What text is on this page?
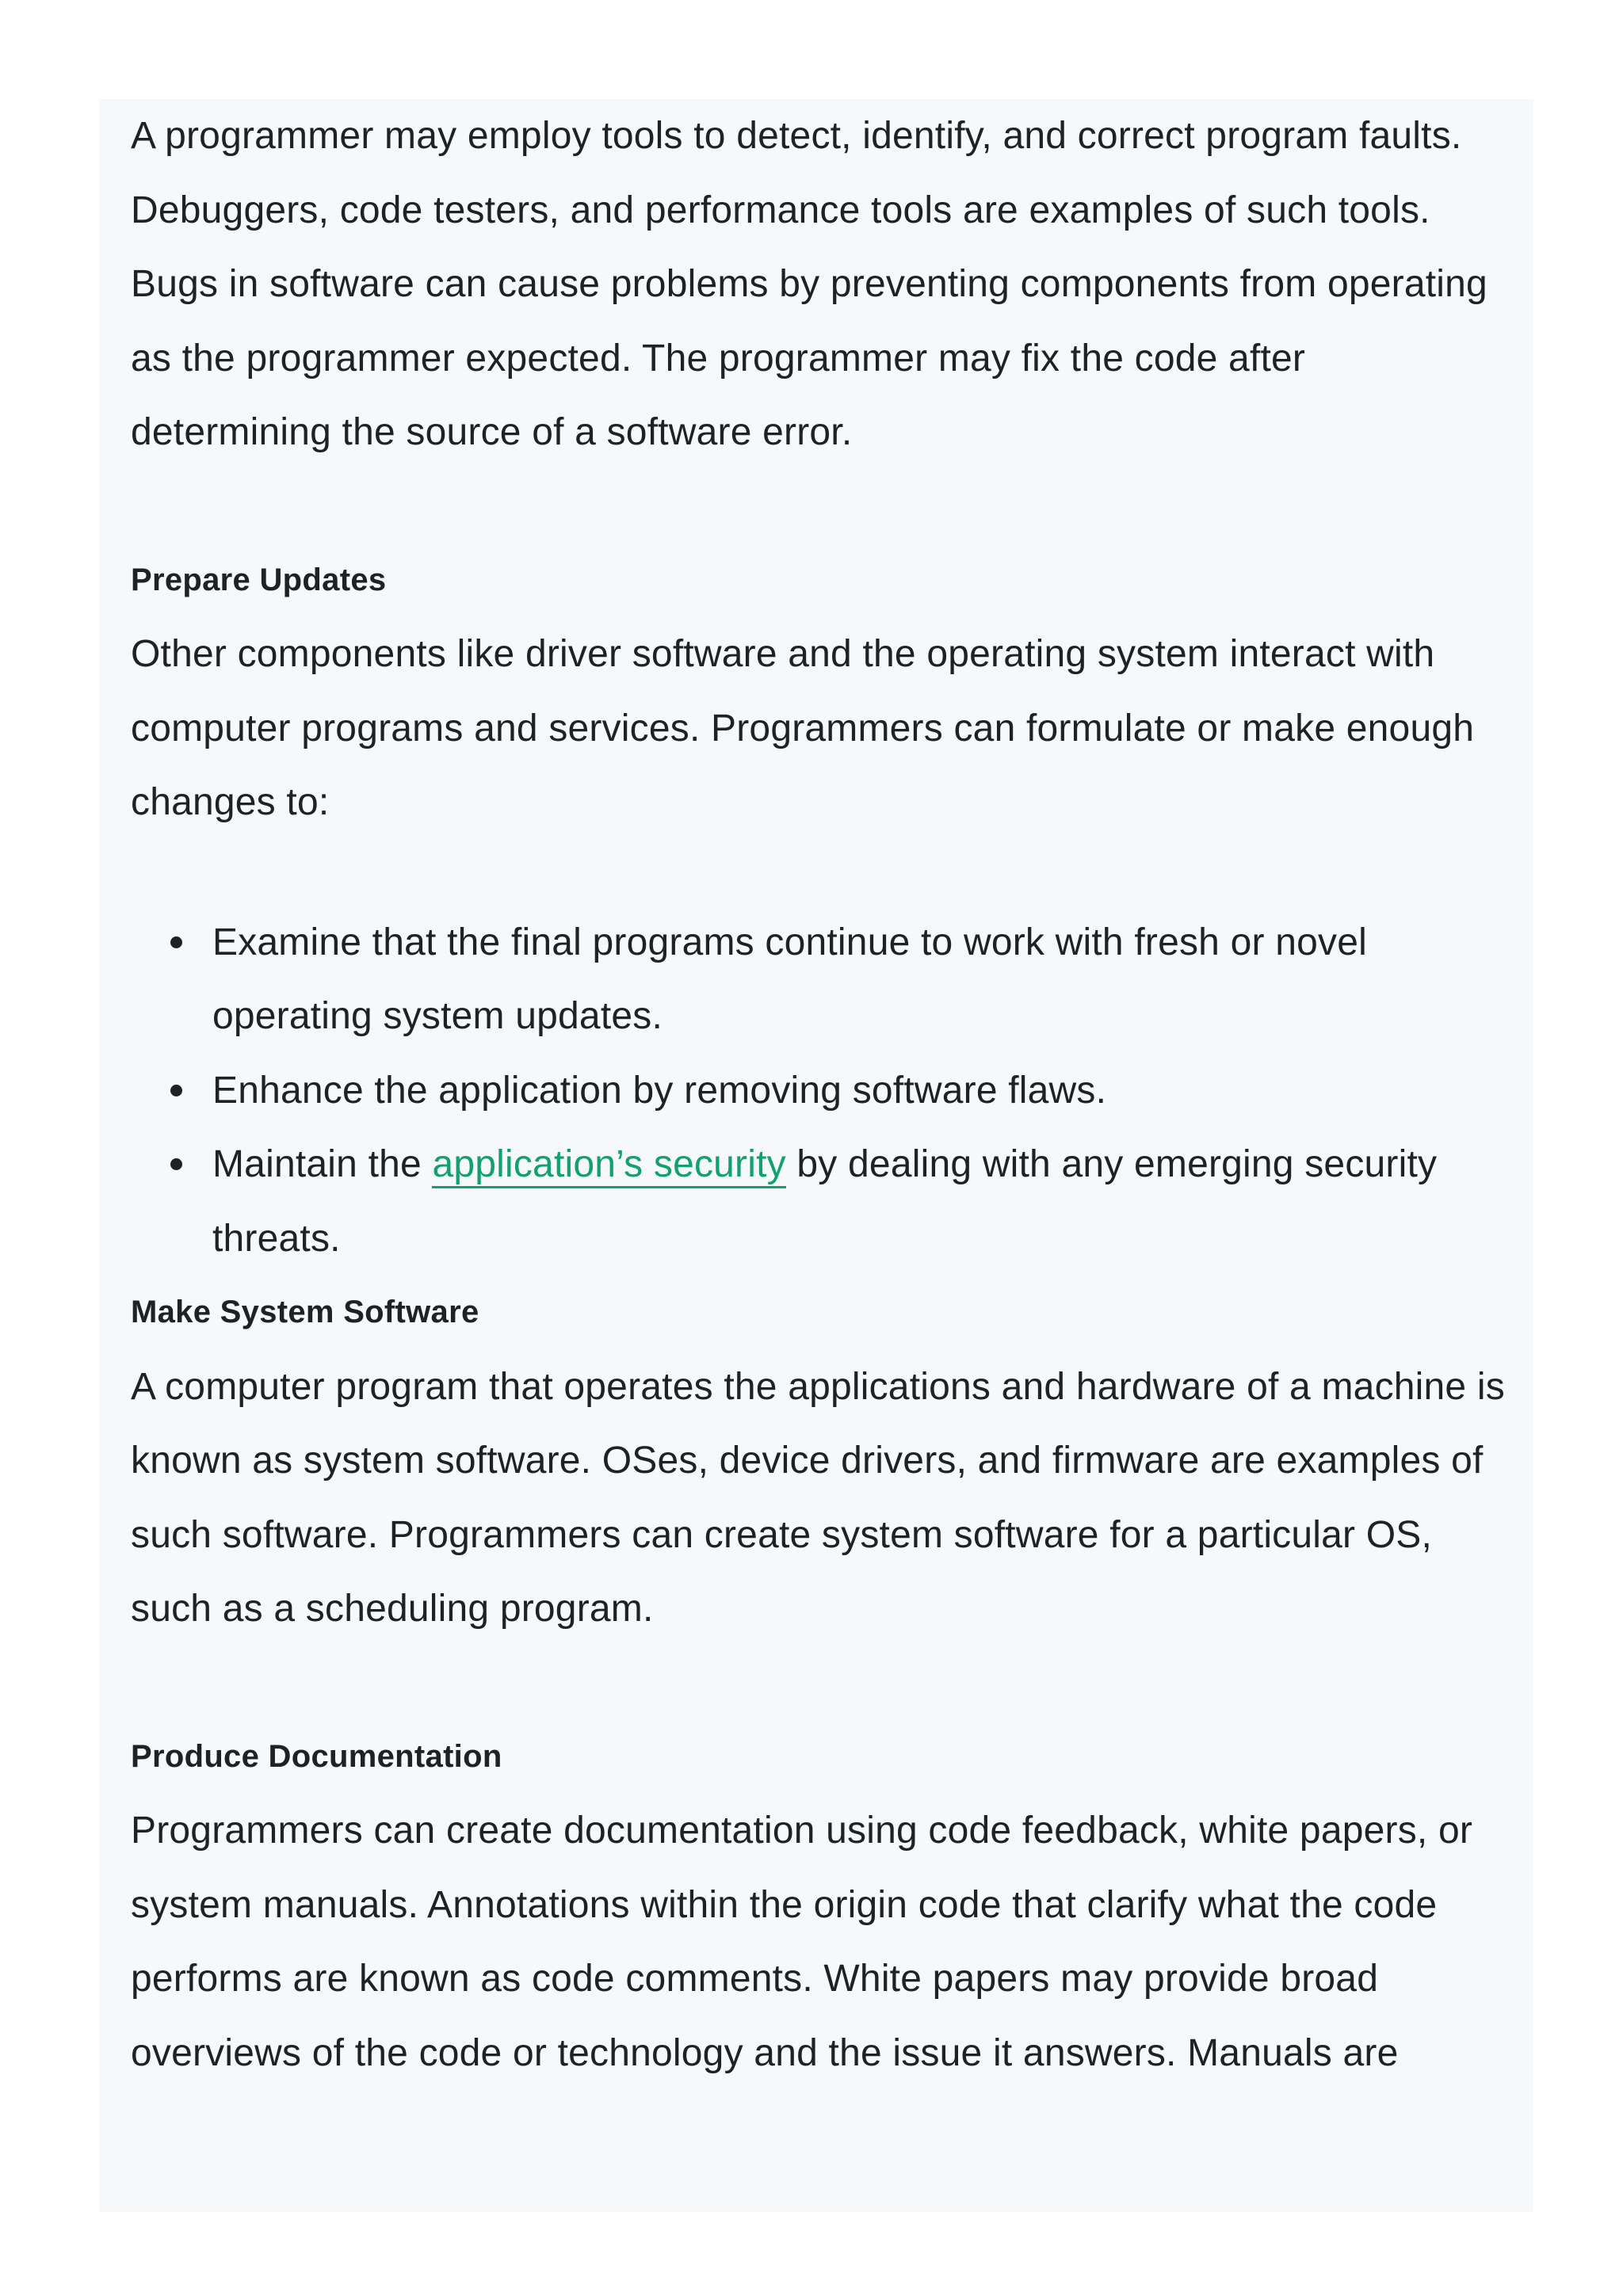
A programmer may employ tools to detect, identify, and correct program faults. Debuggers, code testers, and performance tools are examples of such tools. Bugs in software can cause problems by preventing components from operating as the programmer expected. The programmer may fix the code after determining the source of a software error.

Prepare Updates

Other components like driver software and the operating system interact with computer programs and services. Programmers can formulate or make enough changes to:

Examine that the final programs continue to work with fresh or novel operating system updates.
Enhance the application by removing software flaws.
Maintain the application’s security by dealing with any emerging security threats.
Make System Software

A computer program that operates the applications and hardware of a machine is known as system software. OSes, device drivers, and firmware are examples of such software. Programmers can create system software for a particular OS, such as a scheduling program.

Produce Documentation

Programmers can create documentation using code feedback, white papers, or system manuals. Annotations within the origin code that clarify what the code performs are known as code comments. White papers may provide broad overviews of the code or technology and the issue it answers. Manuals are
